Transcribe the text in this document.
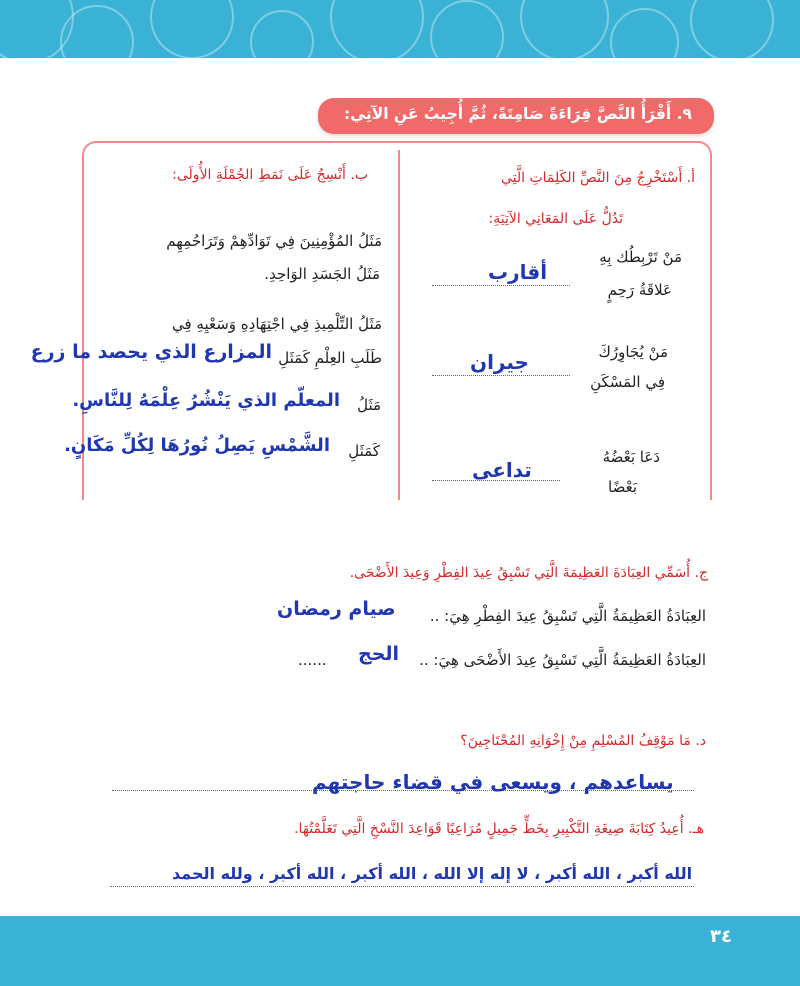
٩. أَقْرَأُ النَّصَّ قِرَاءَةً صَامِتَةً، ثُمَّ أُجِيبُ عَنِ الآتِي:
أ. أَسْتَخْرِجُ مِنَ النَّصِّ الكَلِمَاتِ الَّتِي
تَدُلُّ عَلَى المَعَانِي الآتِيَةِ:
مَنْ تَرْبِطُك بِهِ
عَلاقَةُ رَحِمٍ
أقارب
مَنْ يُجَاوِرُكَ
فِي المَسْكَنِ
جيران
دَعَا بَعْضُهُ
بَعْضًا
تداعى
ب. أَنْسِجُ عَلَى نَمَطِ الجُمْلَةِ الأُولَى:
مَثَلُ المُؤْمِنِينَ فِي تَوَادِّهِمْ وَتَرَاحُمِهِم
مَثَلُ الجَسَدِ الوَاحِدِ.
مَثَلُ التِّلْمِيذِ فِي اجْتِهَادِهِ وَسَعْيِهِ فِي
طَلَبِ العِلْمِ كَمَثَلِ
المزارع الذي يحصد ما زرع
مَثَلُ
المعلّم الذي يَنْشُرُ عِلْمَهُ لِلنَّاسِ.
كَمَثَلِ
الشَّمْسِ يَصِلُ نُورُهَا لِكُلِّ مَكَانٍ.
ج. أُسَمِّي العِبَادَةَ العَظِيمَةَ الَّتِي تَسْبِقُ عِيدَ الفِطْرِ وَعِيدَ الأَضْحَى.
العِبَادَةُ العَظِيمَةُ الَّتِي تَسْبِقُ عِيدَ الفِطْرِ هِيَ: ..
صيام رمضان
العِبَادَةُ العَظِيمَةُ الَّتِي تَسْبِقُ عِيدَ الأَضْحَى هِيَ: ..
الحج
......
د. مَا مَوْقِفُ المُسْلِمِ مِنْ إِخْوَانِهِ المُحْتَاجِينَ؟
يساعدهم ، ويسعى في قضاء حاجتهم
هـ. أُعِيدُ كِتَابَةَ صِيغَةِ التَّكْبِيرِ بِخَطٍّ جَمِيلٍ مُرَاعِيًا قَوَاعِدَ النَّسْخِ الَّتِي تَعَلَّمْتُهَا.
الله أكبر ، الله أكبر ، لا إله إلا الله ، الله أكبر ، الله أكبر ، ولله الحمد
٣٤
